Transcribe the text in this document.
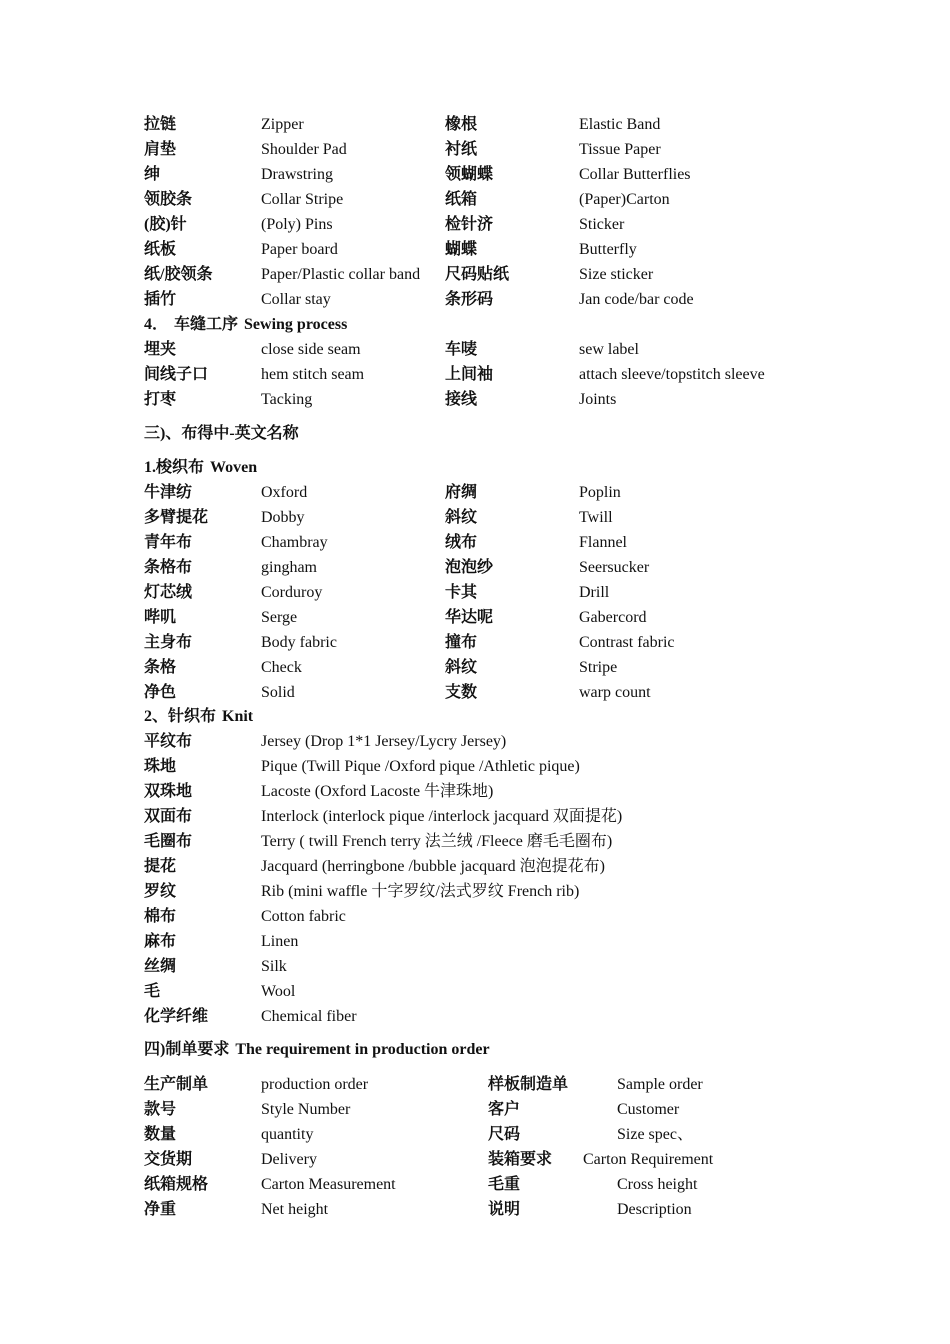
拉链	Zipper	橡根	Elastic Band
肩垫	Shoulder Pad	衬纸	Tissue Paper
绅	Drawstring	领蝴蝶	Collar Butterflies
领胶条	Collar Stripe	纸箱	(Paper)Carton
(胶)针	(Poly) Pins	检针济	Sticker
纸板	Paper board	蝴蝶	Butterfly
纸/胶领条	Paper/Plastic collar band 尺码贴纸	Size sticker
插竹	Collar stay	条形码	Jan code/bar code
4． 车缝工序 Sewing process
埋夹	close side seam	车唛	sew label
间线子口	hem stitch seam	上间袖	attach sleeve/topstitch sleeve
打枣	Tacking	接线	Joints
三)、布得中-英文名称
1.梭织布 Woven
牛津纺	Oxford	府绸	Poplin
多臂提花	Dobby	斜纹	Twill
青年布	Chambray	绒布	Flannel
条格布	gingham	泡泡纱	Seersucker
灯芯绒	Corduroy	卡其	Drill
哔叽	Serge	华达呢	Gabercord
主身布	Body fabric	撞布	Contrast fabric
条格	Check	斜纹	Stripe
净色	Solid	支数	warp count
2、针织布 Knit
平纹布	Jersey (Drop 1*1 Jersey/Lycry Jersey)
珠地	Pique (Twill Pique /Oxford pique /Athletic pique)
双珠地	Lacoste (Oxford Lacoste 牛津珠地)
双面布	Interlock (interlock pique /interlock jacquard 双面提花)
毛圈布	Terry ( twill French terry 法兰绒 /Fleece 磨毛毛圈布)
提花	Jacquard (herringbone /bubble jacquard 泡泡提花布)
罗纹	Rib (mini waffle 十字罗纹/法式罗纹 French rib)
棉布	Cotton fabric
麻布	Linen
丝绸	Silk
毛	Wool
化学纤维	Chemical fiber
四)制单要求 The requirement in production order
生产制单	production order	样板制造单	Sample order
款号	Style Number	客户	Customer
数量	quantity	尺码	Size spec、
交货期	Delivery	装箱要求 Carton Requirement
纸箱规格	Carton Measurement	毛重	Cross height
净重	Net height	说明	Description
